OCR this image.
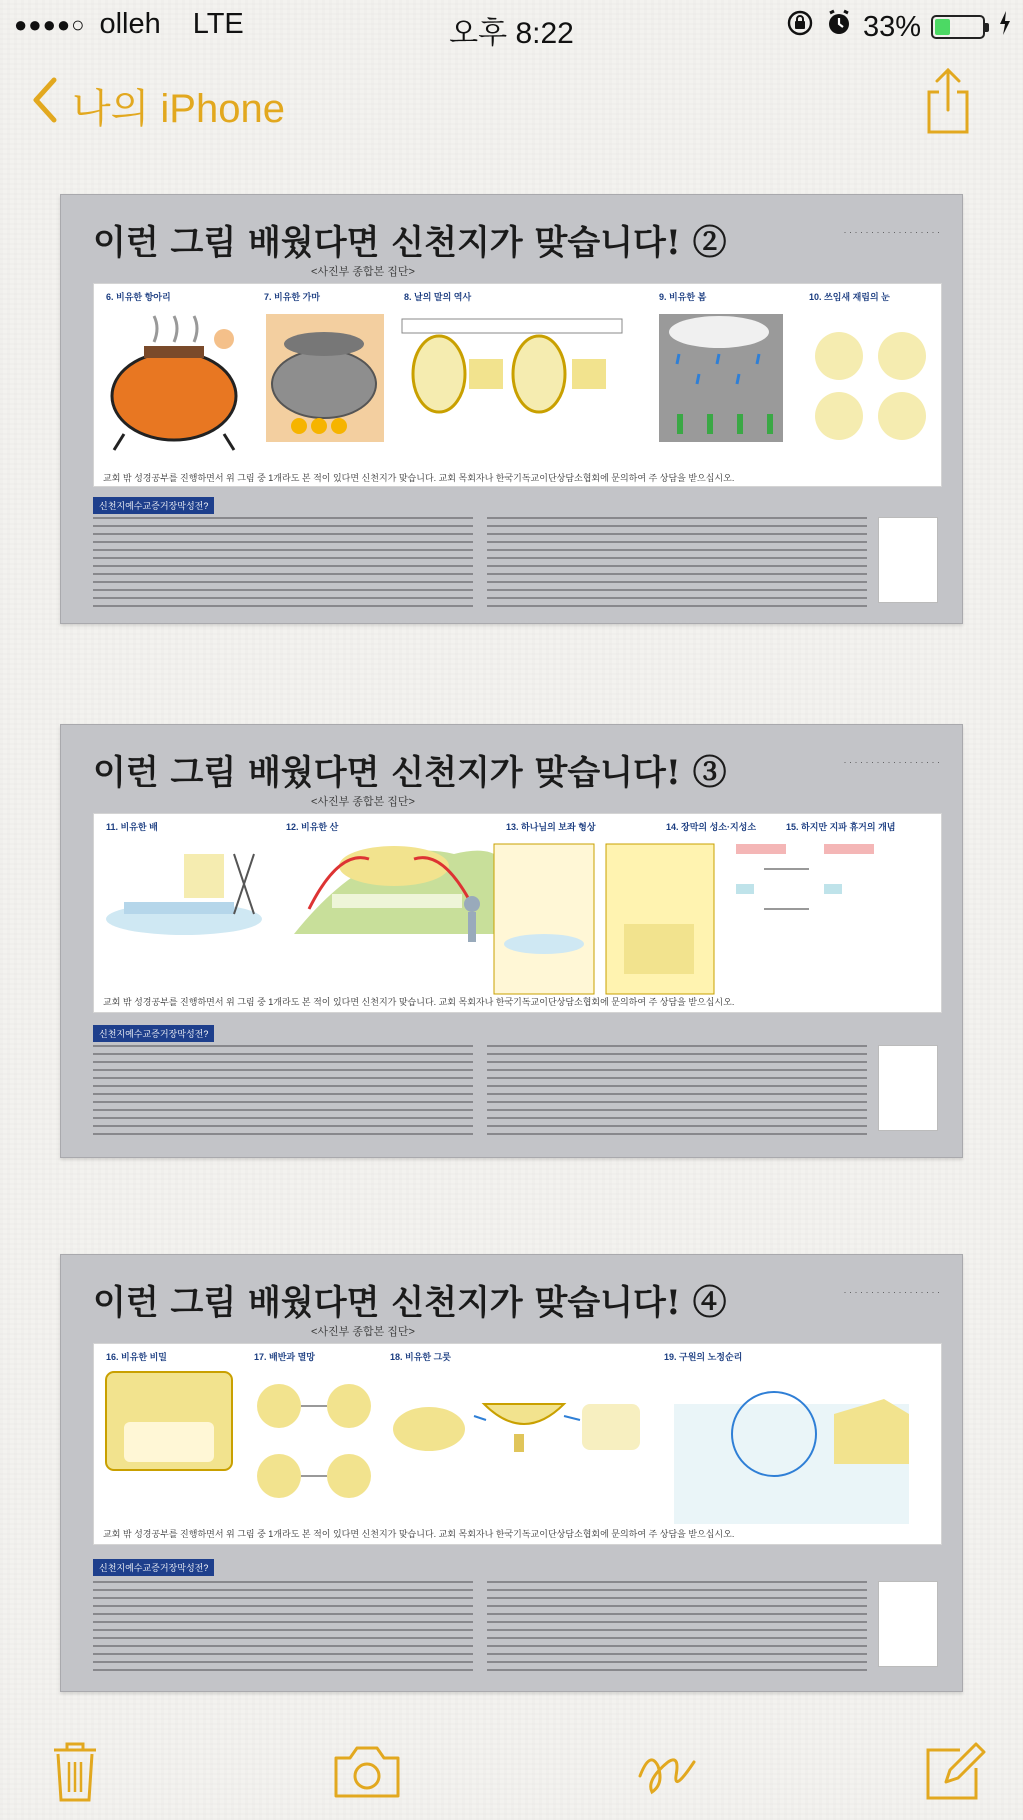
●●●●○ olleh LTE	오후 8:22	33%
나의 iPhone
이런 그림 배웠다면 신천지가 맞습니다! ②
<사진부 종합본 집단>
· · · · · · · · · · · · · · · · · ·
6. 비유한 항아리	7. 비유한 가마	8. 날의 말의 역사	9. 비유한 봄	10. 쓰임새 재림의 눈
교회 밖 성경공부를 진행하면서 위 그림 중 1개라도 본 적이 있다면 신천지가 맞습니다. 교회 목회자나 한국기독교이단상담소협회에 문의하여 주 상담을 받으십시오.
신천지예수교증거장막성전?
이런 그림 배웠다면 신천지가 맞습니다! ③
<사진부 종합본 집단>
· · · · · · · · · · · · · · · · · ·
11. 비유한 배	12. 비유한 산	13. 하나님의 보좌 형상	14. 장막의 성소·지성소	15. 하지만 지파 휴거의 개념
교회 밖 성경공부를 진행하면서 위 그림 중 1개라도 본 적이 있다면 신천지가 맞습니다. 교회 목회자나 한국기독교이단상담소협회에 문의하여 주 상담을 받으십시오.
신천지예수교증거장막성전?
이런 그림 배웠다면 신천지가 맞습니다! ④
<사진부 종합본 집단>
· · · · · · · · · · · · · · · · · ·
16. 비유한 비밀	17. 배반과 멸망	18. 비유한 그릇	19. 구원의 노정순리
교회 밖 성경공부를 진행하면서 위 그림 중 1개라도 본 적이 있다면 신천지가 맞습니다. 교회 목회자나 한국기독교이단상담소협회에 문의하여 주 상담을 받으십시오.
신천지예수교증거장막성전?
